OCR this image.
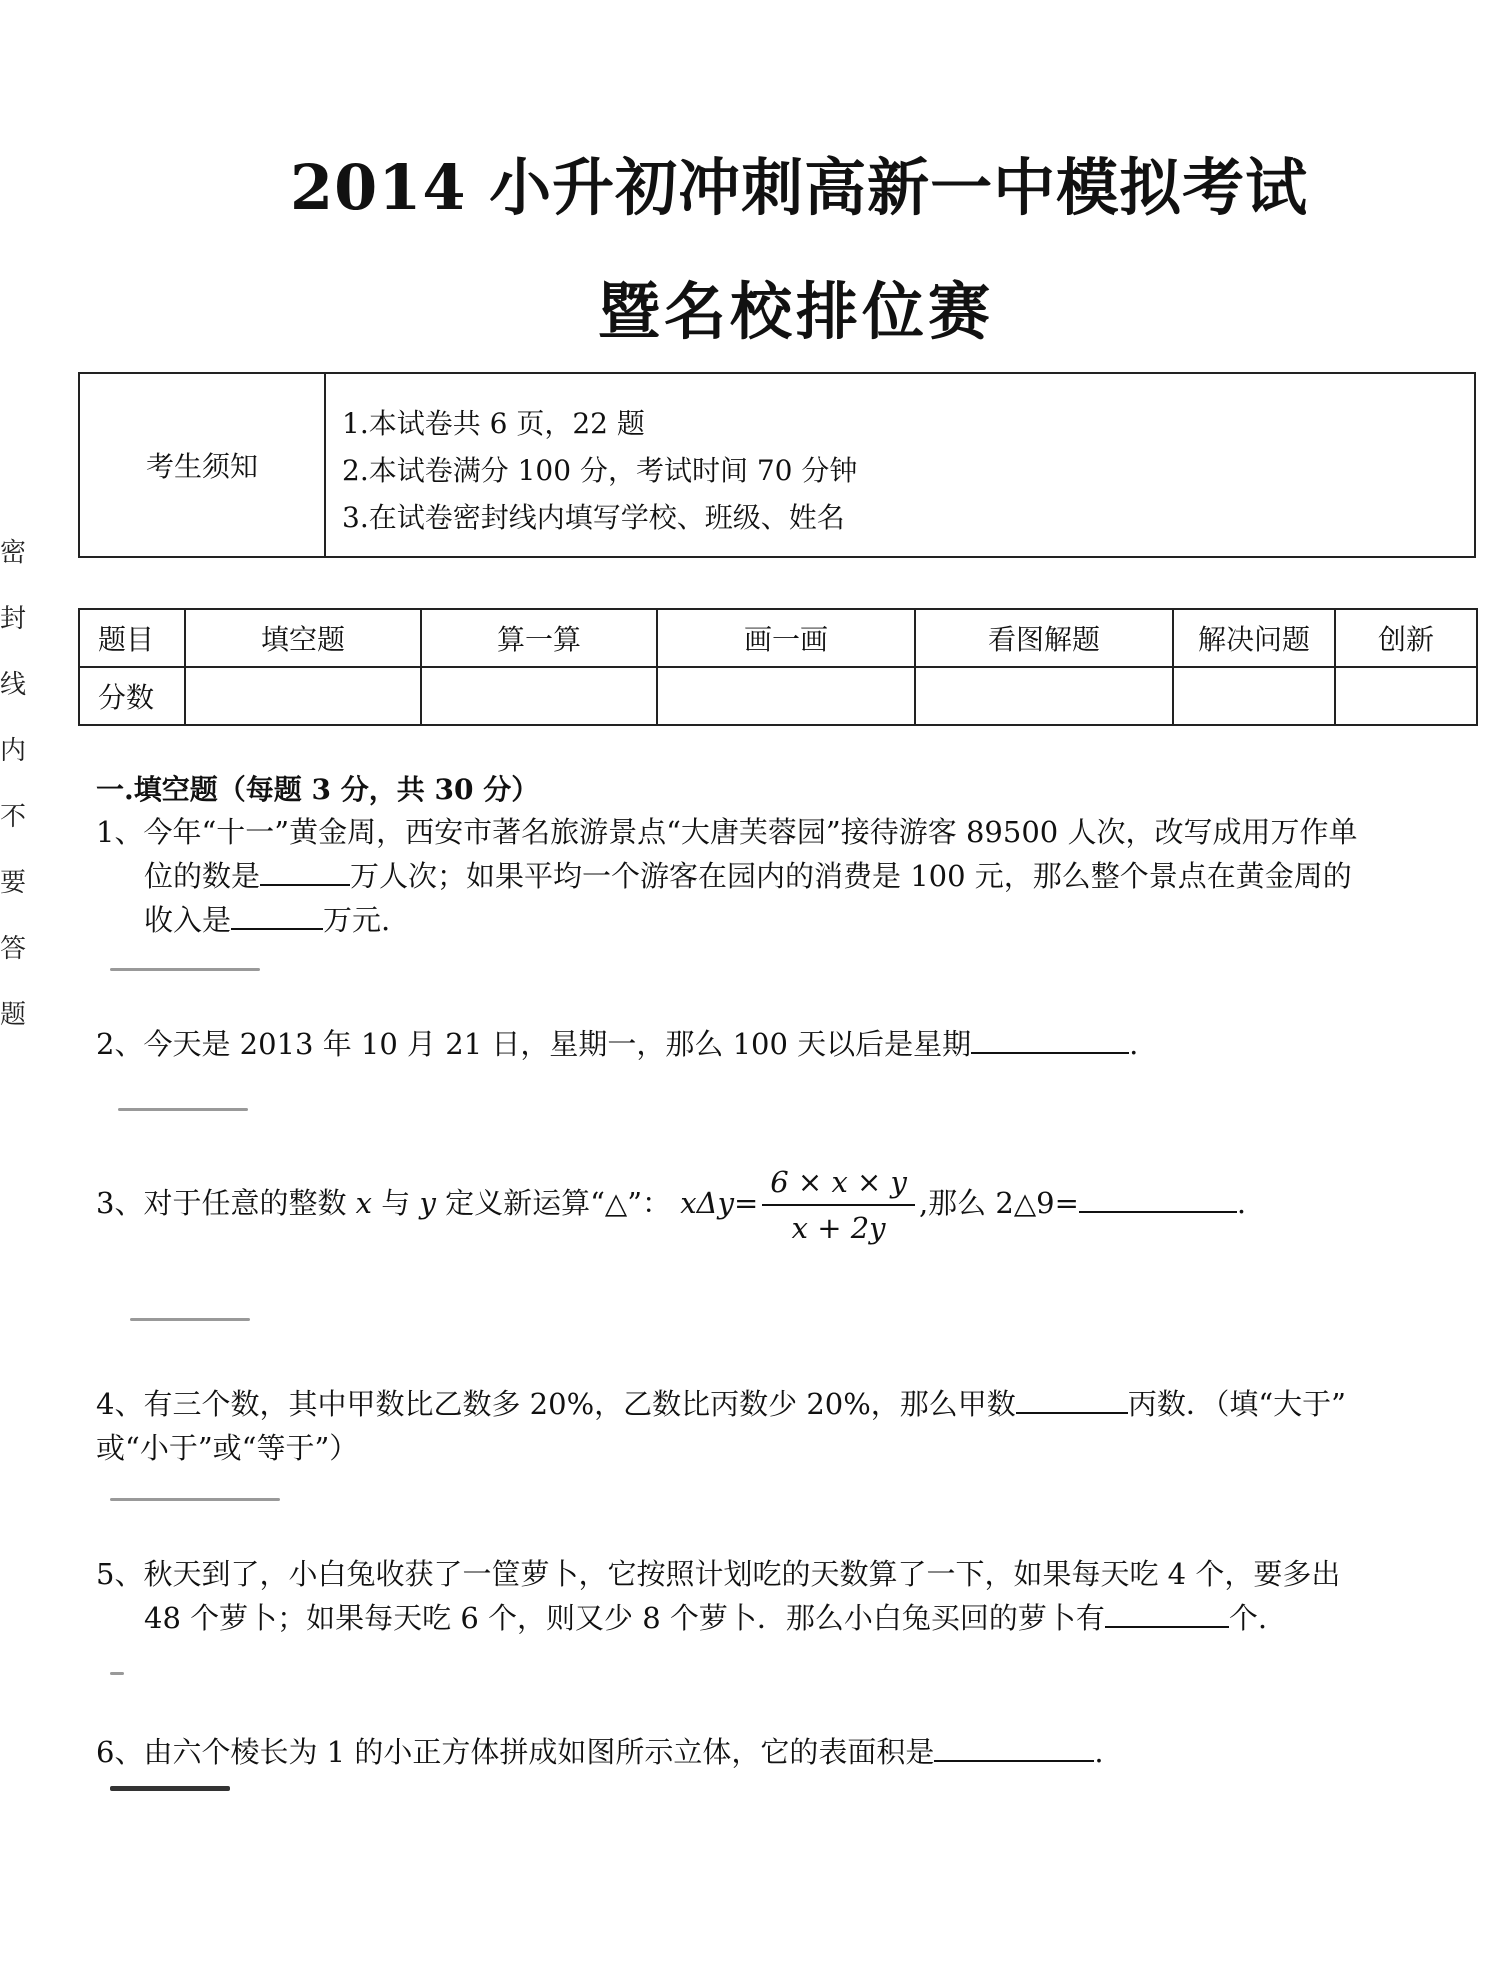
密
封
线
内
不
要
答
题
2014 小升初冲刺高新一中模拟考试
暨名校排位赛
考生须知
1.本试卷共 6 页，22 题
2.本试卷满分 100 分，考试时间 70 分钟
3.在试卷密封线内填写学校、班级、姓名
题目	填空题	算一算	画一画	看图解题	解决问题	创新
分数						
一.填空题（每题 3 分，共 30 分）
1、今年“十一”黄金周，西安市著名旅游景点“大唐芙蓉园”接待游客 89500 人次，改写成用万作单
位的数是	万人次；如果平均一个游客在园内的消费是 100 元，那么整个景点在黄金周的
收入是	万元.
2、今天是 2013 年 10 月 21 日，星期一，那么 100 天以后是星期	.
3、对于任意的整数 x 与 y 定义新运算“△”： $x\Delta y= \frac{6 \times x \times y}{x + 2y}$ ,那么 2△9=	.
4、有三个数，其中甲数比乙数多 20%，乙数比丙数少 20%，那么甲数	丙数．（填“大于”
或“小于”或“等于”）
5、秋天到了，小白兔收获了一筐萝卜，它按照计划吃的天数算了一下，如果每天吃 4 个，要多出
48 个萝卜；如果每天吃 6 个，则又少 8 个萝卜．那么小白兔买回的萝卜有	个.
6、由六个棱长为 1 的小正方体拼成如图所示立体，它的表面积是	.
